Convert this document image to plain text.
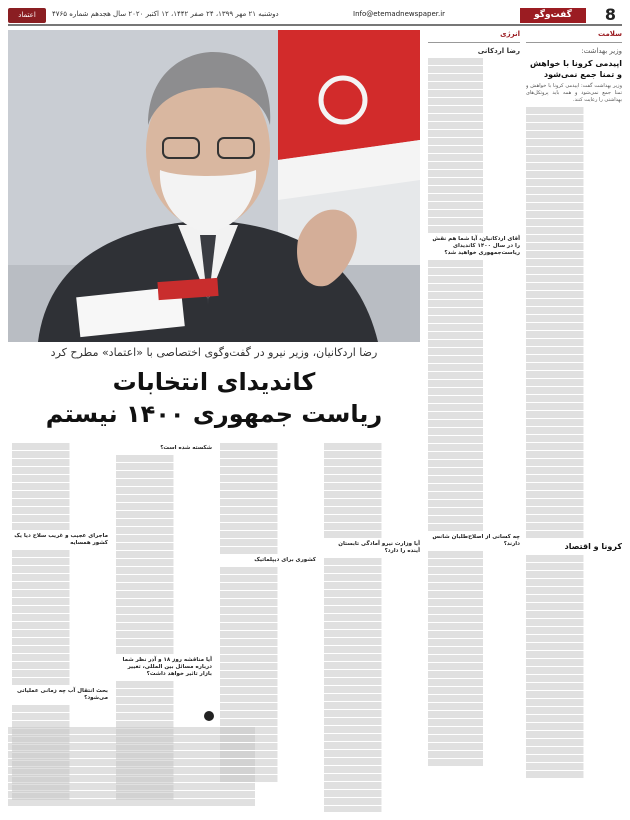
اعتماد	دوشنبه ۲۱ مهر ۱۳۹۹، ۲۴ صفر ۱۴۴۲، ۱۲ اکتبر ۲۰۲۰ سال هجدهم شماره ۴۷۶۵	Info@etemadnewspaper.ir	گفت‌وگو	8
سلامت
وزیر بهداشت:
اپیدمی کرونا با خواهش و تمنا جمع نمی‌شود
وزیر بهداشت گفت: اپیدمی کرونا با خواهش و تمنا جمع نمی‌شود و همه باید پروتکل‌های بهداشتی را رعایت کنند.
کرونا و اقتصاد
انرژی
رضا اردکانی
آقای اردکانیان، آیا شما هم نقش را در سال ۱۴۰۰ کاندیدای ریاست‌جمهوری خواهید شد؟
چه کسانی از اصلاح‌طلبان شانس دارند؟
رضا اردکانیان، وزیر نیرو در گفت‌وگوی اختصاصی با «اعتماد» مطرح کرد
کاندیدای انتخابات
ریاست جمهوری ۱۴۰۰ نیستم
آیا وزارت نیرو آمادگی تابستان آینده را دارد؟
کشوری برای دیپلماتیک
شکسته شده است؟
آیا مناقشه روز ۱۸ و آذر نظر شما درباره مسائل بین المللی، تغییر بازار تاثیر خواهد داشت؟
ماجرای عجیب و غریب سلاح دیا یک کشور همسایه
بحث انتقال آب چه زمانی عملیاتی می‌شود؟
